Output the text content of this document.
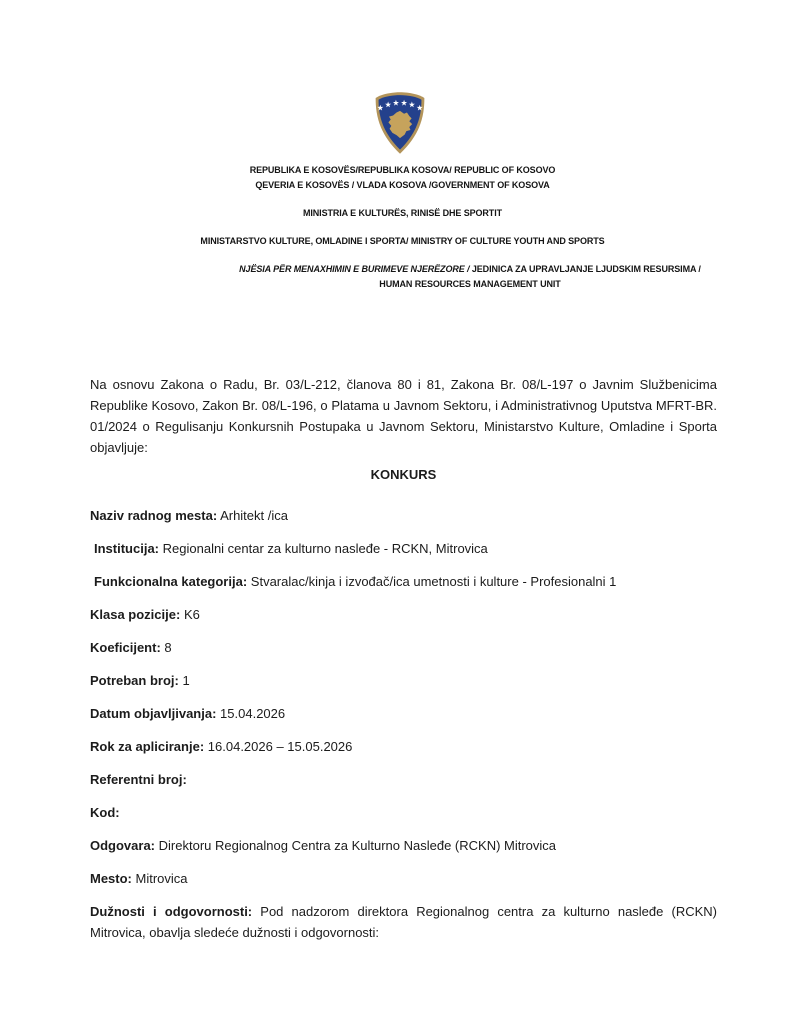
REPUBLIKA E KOSOVËS/REPUBLIKA KOSOVA/ REPUBLIC OF KOSOVO
QEVERIA E KOSOVËS / VLADA KOSOVA /GOVERNMENT OF KOSOVA
MINISTRIA E KULTURËS, RINISË DHE SPORTIT
MINISTARSTVO KULTURE, OMLADINE I SPORTA/ MINISTRY OF CULTURE YOUTH AND SPORTS
NJËSIA PËR MENAXHIMIN E BURIMEVE NJERËZORE / JEDINICA ZA UPRAVLJANJE LJUDSKIM RESURSIMA /
HUMAN RESOURCES MANAGEMENT UNIT

Na osnovu Zakona o Radu, Br. 03/L-212, članova 80 i 81, Zakona Br. 08/L-197 o Javnim Službenicima Republike Kosovo, Zakon Br. 08/L-196, o Platama u Javnom Sektoru, i Administrativnog Uputstva MFRT-BR. 01/2024 o Regulisanju Konkursnih Postupaka u Javnom Sektoru, Ministarstvo Kulture, Omladine i Sporta objavljuje:

KONKURS

Naziv radnog mesta: Arhitekt /ica

Institucija: Regionalni centar za kulturno nasleđe - RCKN, Mitrovica

Funkcionalna kategorija: Stvaralac/kinja i izvođač/ica umetnosti i kulture - Profesionalni 1

Klasa pozicije: K6

Koeficijent: 8

Potreban broj: 1

Datum objavljivanja: 15.04.2026

Rok za apliciranje: 16.04.2026 – 15.05.2026

Referentni broj:

Kod:

Odgovara: Direktoru Regionalnog Centra za Kulturno Nasleđe (RCKN) Mitrovica

Mesto: Mitrovica

Dužnosti i odgovornosti: Pod nadzorom direktora Regionalnog centra za kulturno nasleđe (RCKN) Mitrovica, obavlja sledeće dužnosti i odgovornosti:
